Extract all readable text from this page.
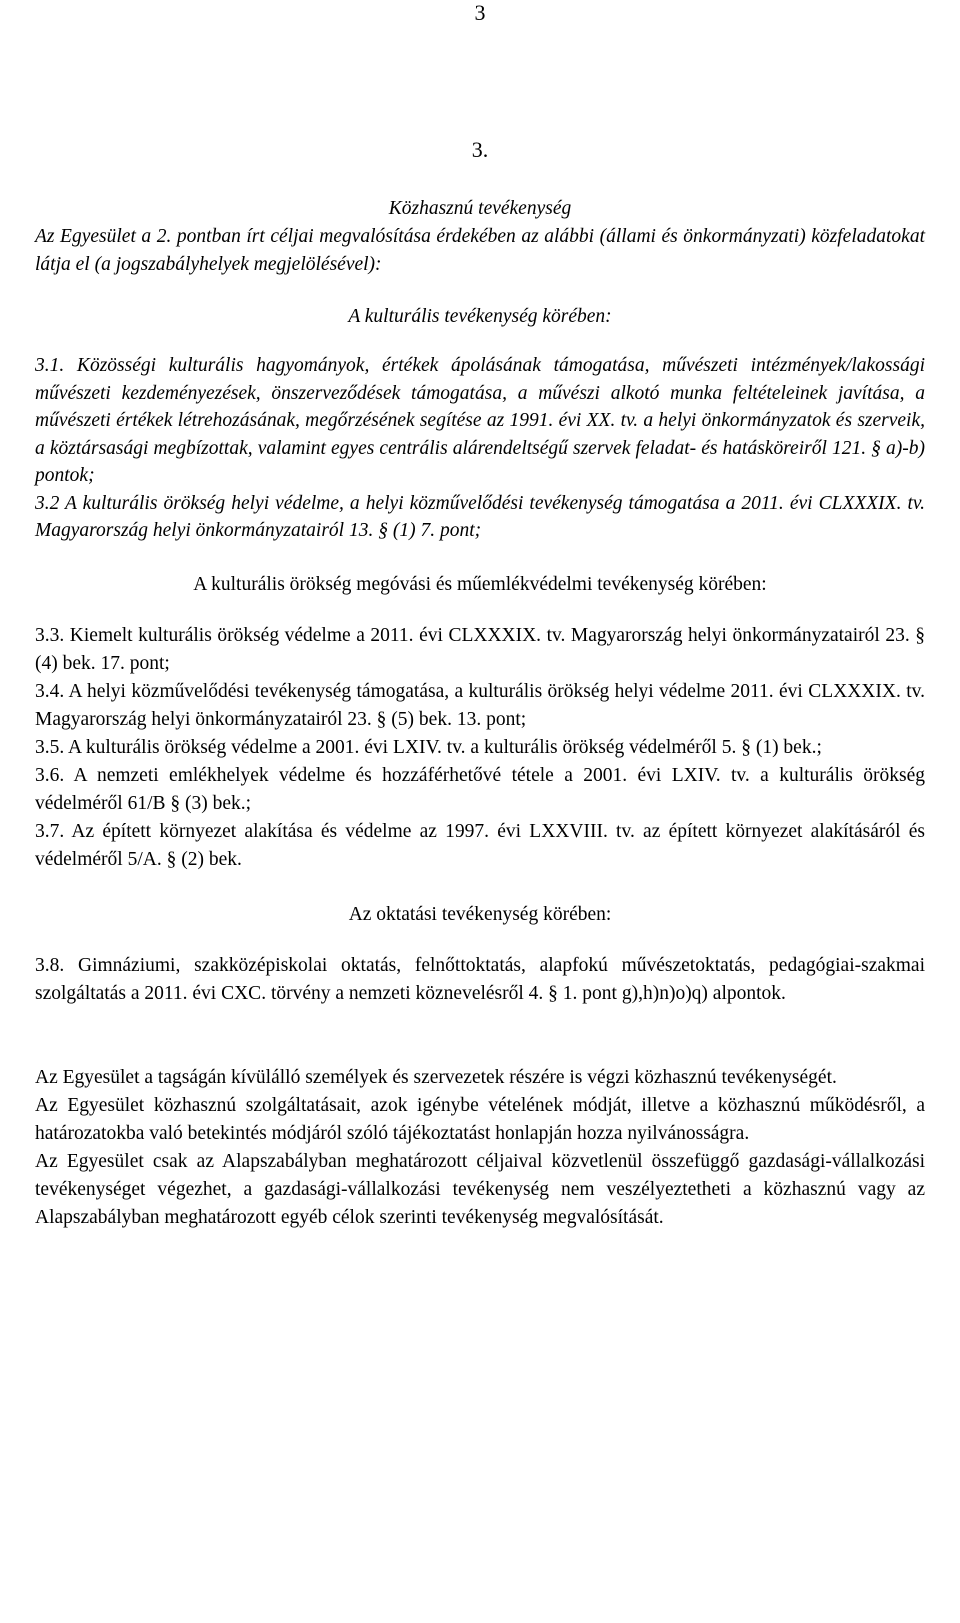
3
3.

Közhasznú tevékenység

Az Egyesület a 2. pontban írt céljai megvalósítása érdekében az alábbi (állami és önkormányzati) közfeladatokat látja el (a jogszabályhelyek megjelölésével):

A kulturális tevékenység körében:

3.1. Közösségi kulturális hagyományok, értékek ápolásának támogatása, művészeti intézmények/lakossági művészeti kezdeményezések, önszerveződések támogatása, a művészi alkotó munka feltételeinek javítása, a művészeti értékek létrehozásának, megőrzésének segítése az 1991. évi XX. tv. a helyi önkormányzatok és szerveik, a köztársasági megbízottak, valamint egyes centrális alárendeltségű szervek feladat- és hatásköreiről 121. § a)-b) pontok;

3.2 A kulturális örökség helyi védelme, a helyi közművelődési tevékenység támogatása a 2011. évi CLXXXIX. tv. Magyarország helyi önkormányzatairól 13. § (1) 7. pont;

A kulturális örökség megóvási és műemlékvédelmi tevékenység körében:

3.3. Kiemelt kulturális örökség védelme a 2011. évi CLXXXIX. tv. Magyarország helyi önkormányzatairól 23. § (4) bek. 17. pont;

3.4. A helyi közművelődési tevékenység támogatása, a kulturális örökség helyi védelme 2011. évi CLXXXIX. tv. Magyarország helyi önkormányzatairól 23. § (5) bek. 13. pont;

3.5. A kulturális örökség védelme a 2001. évi LXIV. tv. a kulturális örökség védelméről 5. § (1) bek.;

3.6. A nemzeti emlékhelyek védelme és hozzáférhetővé tétele a 2001. évi LXIV. tv. a kulturális örökség védelméről 61/B § (3) bek.;

3.7. Az épített környezet alakítása és védelme az 1997. évi LXXVIII. tv. az épített környezet alakításáról és védelméről 5/A. § (2) bek.

Az oktatási tevékenység körében:

3.8. Gimnáziumi, szakközépiskolai oktatás, felnőttoktatás, alapfokú művészetoktatás, pedagógiai-szakmai szolgáltatás a 2011. évi CXC. törvény a nemzeti köznevelésről 4. § 1. pont g),h)n)o)q) alpontok.

Az Egyesület a tagságán kívülálló személyek és szervezetek részére is végzi közhasznú tevékenységét.

Az Egyesület közhasznú szolgáltatásait, azok igénybe vételének módját, illetve a közhasznú működésről, a határozatokba való betekintés módjáról szóló tájékoztatást honlapján hozza nyilvánosságra.

Az Egyesület csak az Alapszabályban meghatározott céljaival közvetlenül összefüggő gazdasági-vállalkozási tevékenységet végezhet, a gazdasági-vállalkozási tevékenység nem veszélyeztetheti a közhasznú vagy az Alapszabályban meghatározott egyéb célok szerinti tevékenység megvalósítását.
